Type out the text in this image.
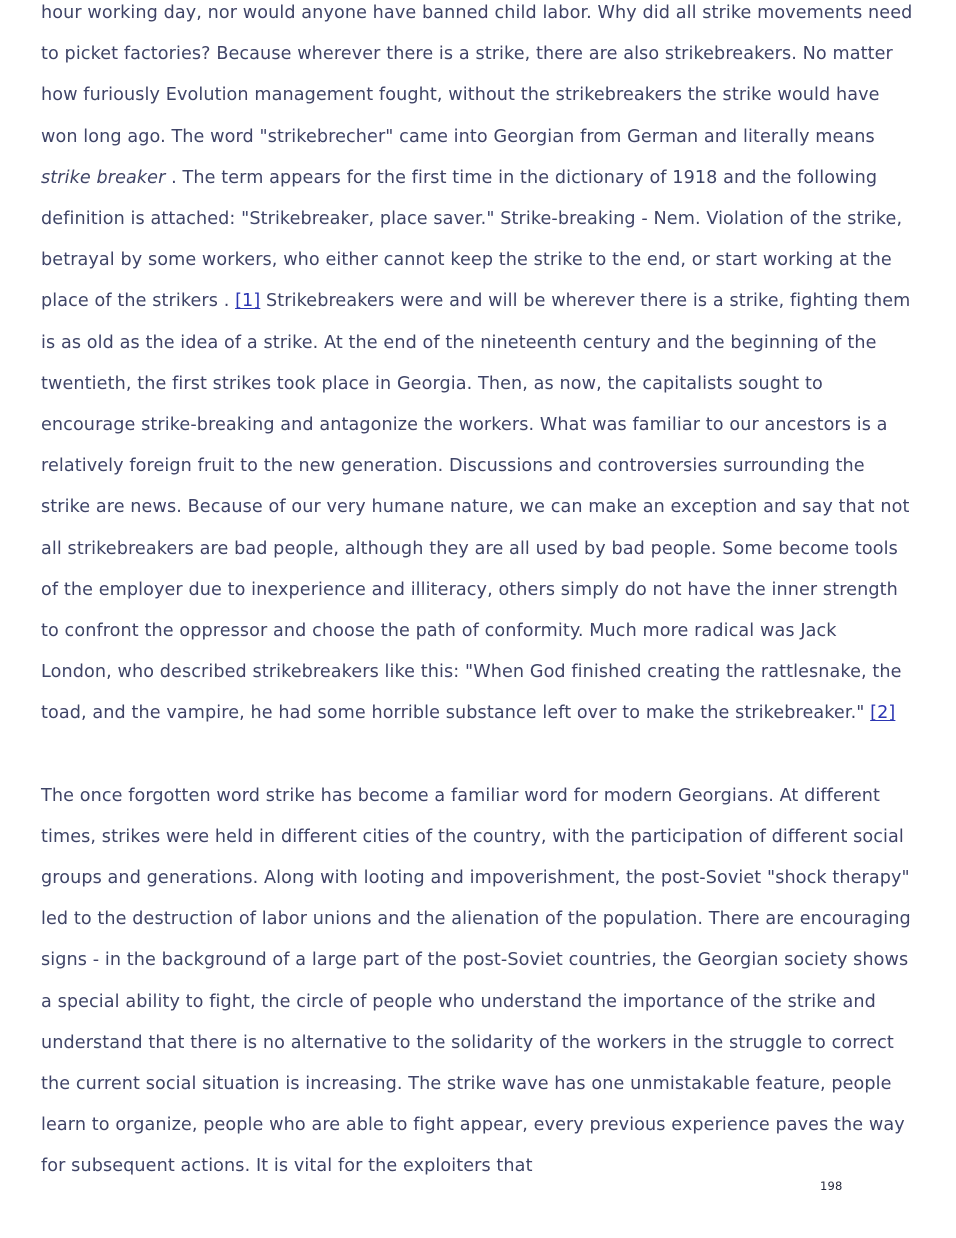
hour working day, nor would anyone have banned child labor. Why did all strike movements need to picket factories? Because wherever there is a strike, there are also strikebreakers. No matter how furiously Evolution management fought, without the strikebreakers the strike would have won long ago. The word "strikebrecher" came into Georgian from German and literally means strike breaker . The term appears for the first time in the dictionary of 1918 and the following definition is attached: "Strikebreaker, place saver." Strike-breaking - Nem. Violation of the strike, betrayal by some workers, who either cannot keep the strike to the end, or start working at the place of the strikers . [1] Strikebreakers were and will be wherever there is a strike, fighting them is as old as the idea of a strike. At the end of the nineteenth century and the beginning of the twentieth, the first strikes took place in Georgia. Then, as now, the capitalists sought to encourage strike-breaking and antagonize the workers. What was familiar to our ancestors is a relatively foreign fruit to the new generation. Discussions and controversies surrounding the strike are news. Because of our very humane nature, we can make an exception and say that not all strikebreakers are bad people, although they are all used by bad people. Some become tools of the employer due to inexperience and illiteracy, others simply do not have the inner strength to confront the oppressor and choose the path of conformity. Much more radical was Jack London, who described strikebreakers like this: "When God finished creating the rattlesnake, the toad, and the vampire, he had some horrible substance left over to make the strikebreaker." [2]

The once forgotten word strike has become a familiar word for modern Georgians. At different times, strikes were held in different cities of the country, with the participation of different social groups and generations. Along with looting and impoverishment, the post-Soviet "shock therapy" led to the destruction of labor unions and the alienation of the population. There are encouraging signs - in the background of a large part of the post-Soviet countries, the Georgian society shows a special ability to fight, the circle of people who understand the importance of the strike and understand that there is no alternative to the solidarity of the workers in the struggle to correct the current social situation is increasing. The strike wave has one unmistakable feature, people learn to organize, people who are able to fight appear, every previous experience paves the way for subsequent actions. It is vital for the exploiters that

198
